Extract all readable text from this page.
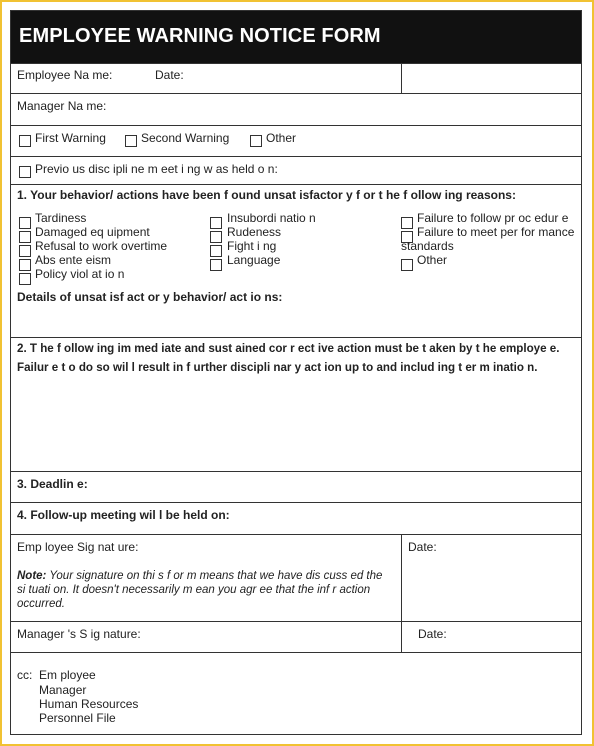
EMPLOYEE WARNING NOTICE FORM
Employee Na me:	Date:
Manager Na me:
First Warning	Second Warning	Other
Previo us disc ipli ne m eet i ng w as held o n:
1. Your behavior/ actions have been f ound unsat isfactor y f or t he f ollow ing reasons:
Tardiness
Damaged eq uipment
Refusal to work overtime
Abs ente eism
Policy viol at io n
Insubordi natio n
Rudeness
Fight i ng
Language
Failure to follow pr oc edur e
Failure to meet per for mance
standards
Other
Details of unsat isf act or y behavior/ act io ns:
2. T he f ollow ing im med iate and sust ained cor r ect ive action must be t aken by t he employe e.
Failur e t o do so wil l result in f urther discipli nar y act ion up to and includ ing t er m inatio n.
3. Deadlin e:
4. Follow-up meeting wil l be held on:
Emp loyee Sig nat ure:	Date:
Note: Your signature on thi s f or m means that we have dis cuss ed the
si tuati on. It doesn't necessarily m ean you agr ee that the inf r action
occurred.
Manager 's S ig nature:	Date:
cc: Em ployee
Manager
Human Resources
Personnel File
